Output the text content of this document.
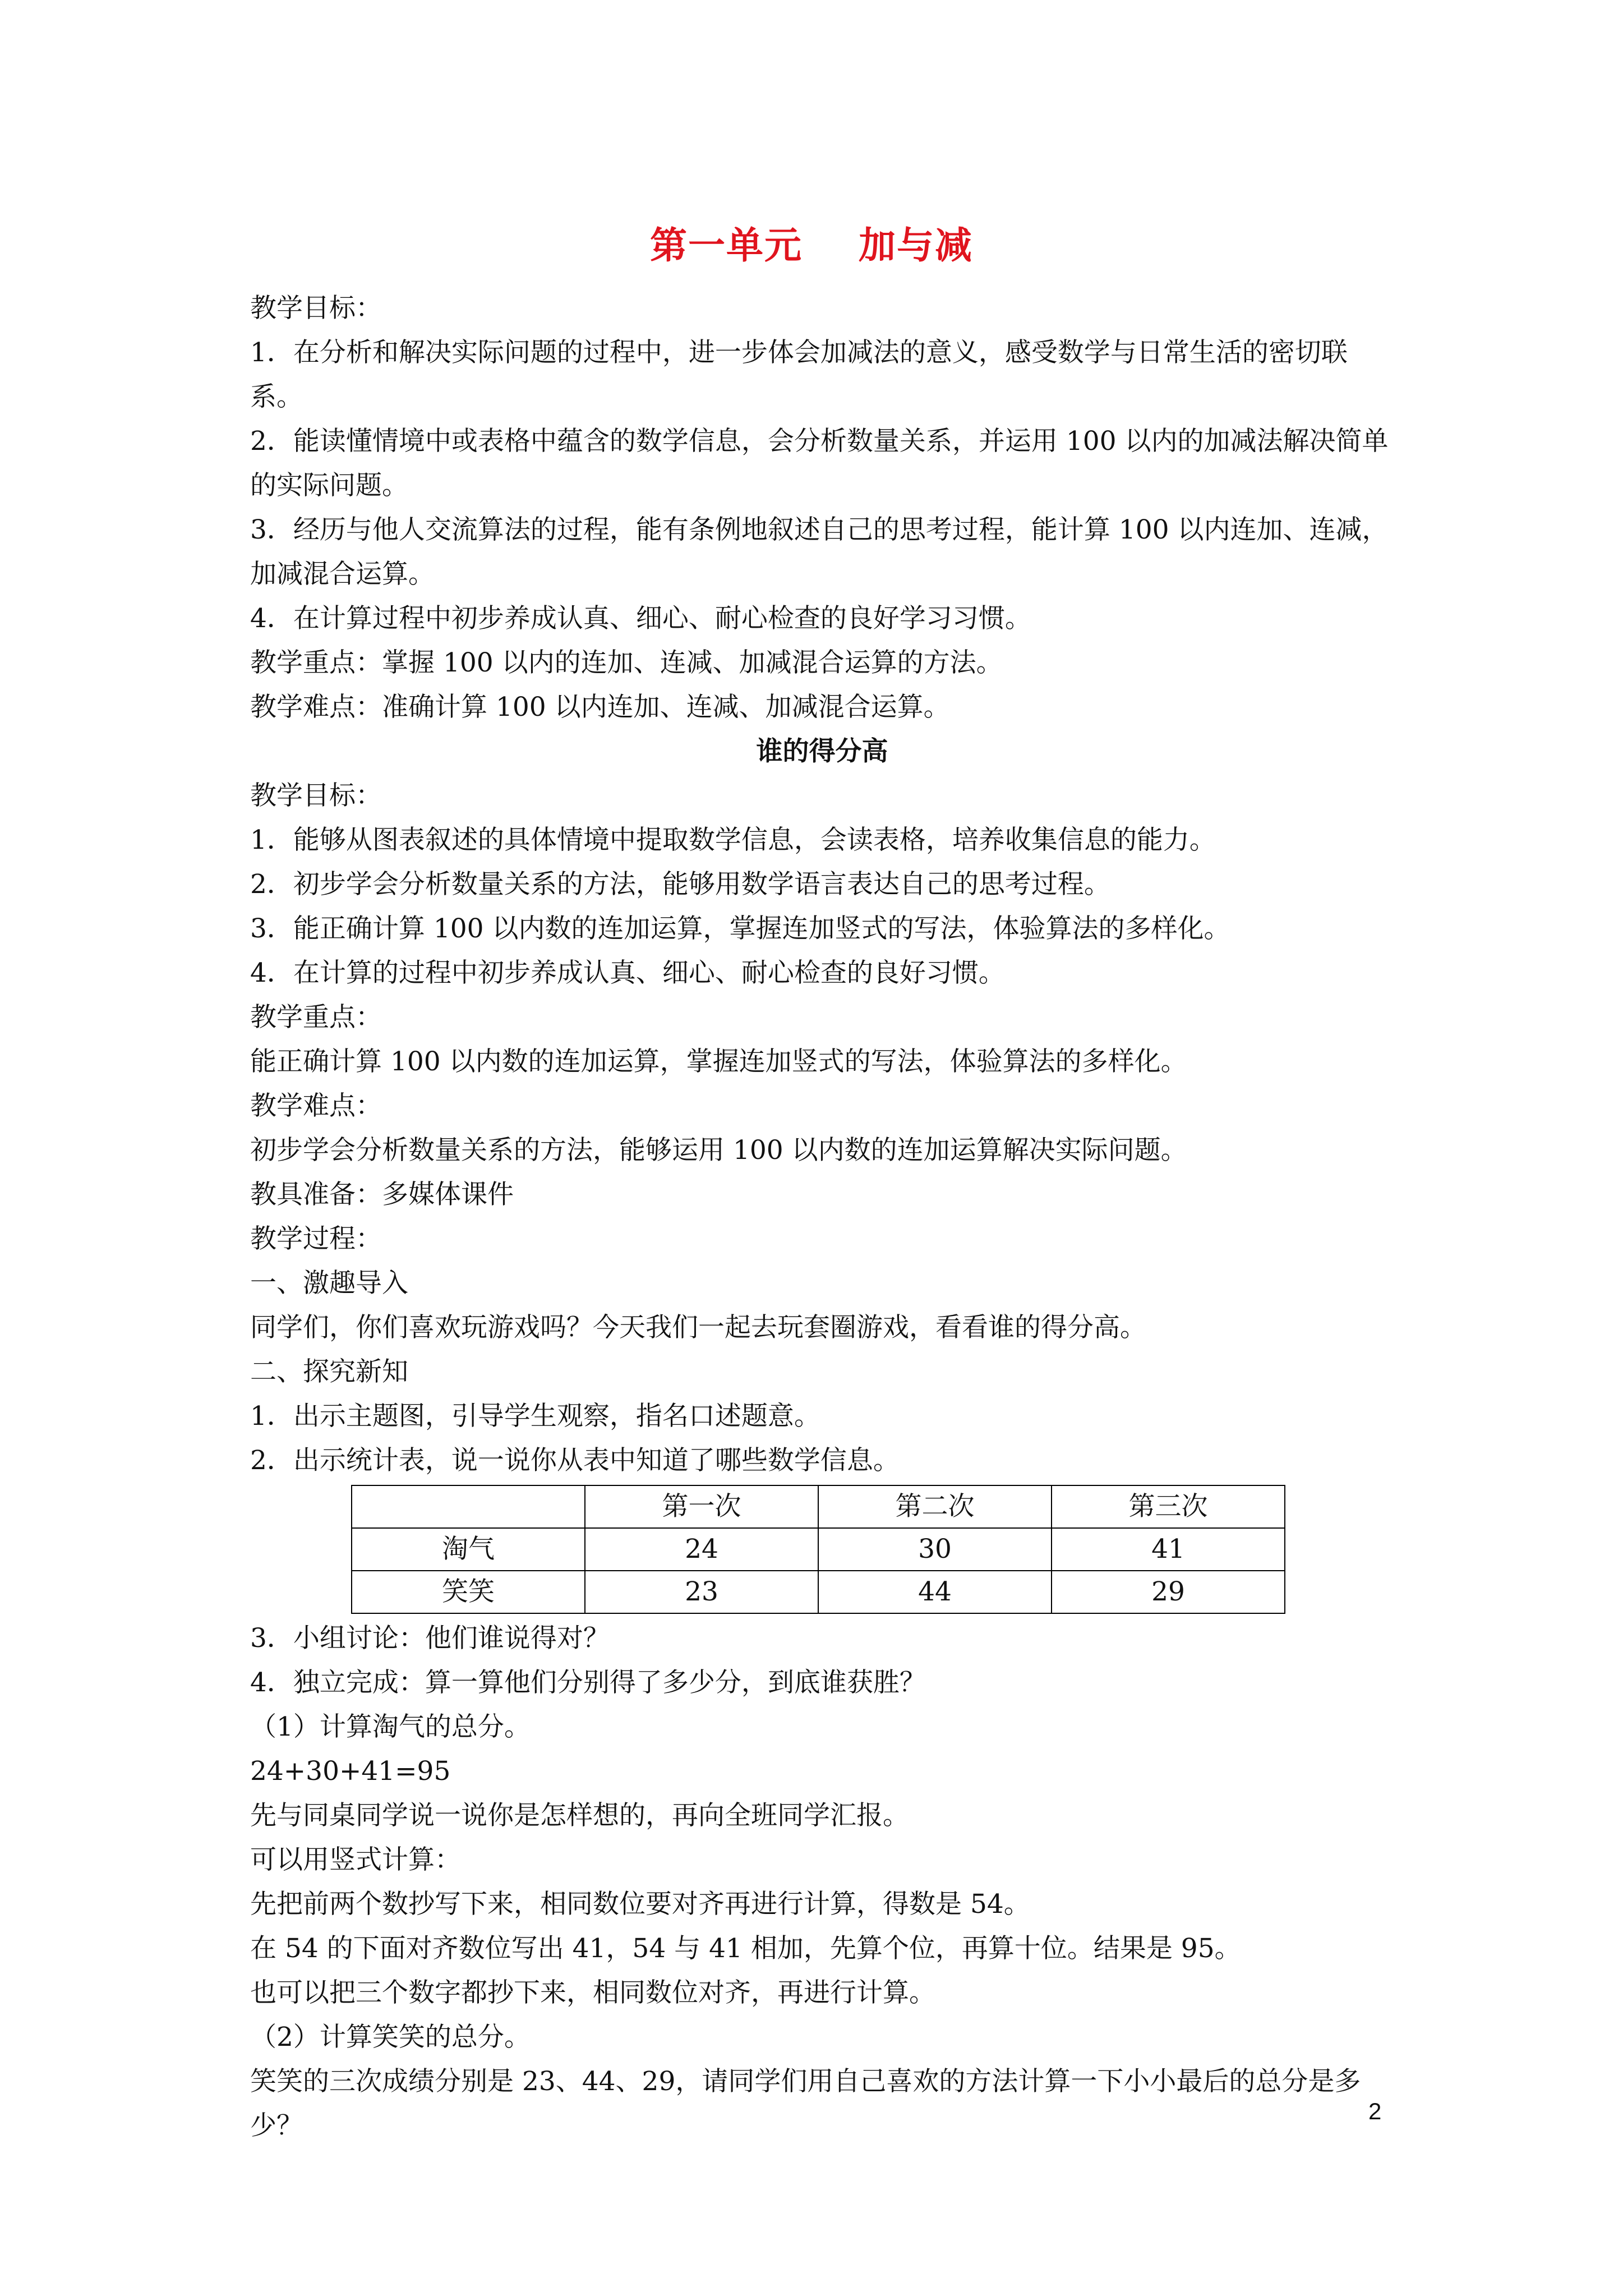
第一单元    加与减

教学目标：

1．在分析和解决实际问题的过程中，进一步体会加减法的意义，感受数学与日常生活的密切联系。

2．能读懂情境中或表格中蕴含的数学信息，会分析数量关系，并运用 100 以内的加减法解决简单的实际问题。

3．经历与他人交流算法的过程，能有条例地叙述自己的思考过程，能计算 100 以内连加、连减，加减混合运算。

4．在计算过程中初步养成认真、细心、耐心检查的良好学习习惯。

教学重点：掌握 100 以内的连加、连减、加减混合运算的方法。

教学难点：准确计算 100 以内连加、连减、加减混合运算。

谁的得分高

教学目标：

1．能够从图表叙述的具体情境中提取数学信息，会读表格，培养收集信息的能力。

2．初步学会分析数量关系的方法，能够用数学语言表达自己的思考过程。

3．能正确计算 100 以内数的连加运算，掌握连加竖式的写法，体验算法的多样化。

4．在计算的过程中初步养成认真、细心、耐心检查的良好习惯。

教学重点：

能正确计算 100 以内数的连加运算，掌握连加竖式的写法，体验算法的多样化。

教学难点：

初步学会分析数量关系的方法，能够运用 100 以内数的连加运算解决实际问题。

教具准备：多媒体课件

教学过程：

一、激趣导入

同学们，你们喜欢玩游戏吗？今天我们一起去玩套圈游戏，看看谁的得分高。

二、探究新知

1．出示主题图，引导学生观察，指名口述题意。

2．出示统计表，说一说你从表中知道了哪些数学信息。

	第一次	第二次	第三次
淘气	24	30	41
笑笑	23	44	29

3．小组讨论：他们谁说得对？

4．独立完成：算一算他们分别得了多少分，到底谁获胜？

（1）计算淘气的总分。

24+30+41=95

先与同桌同学说一说你是怎样想的，再向全班同学汇报。

可以用竖式计算：

先把前两个数抄写下来，相同数位要对齐再进行计算，得数是 54。

在 54 的下面对齐数位写出 41，54 与 41 相加，先算个位，再算十位。结果是 95。

也可以把三个数字都抄下来，相同数位对齐，再进行计算。

（2）计算笑笑的总分。

笑笑的三次成绩分别是 23、44、29，请同学们用自己喜欢的方法计算一下小小最后的总分是多少？	2
